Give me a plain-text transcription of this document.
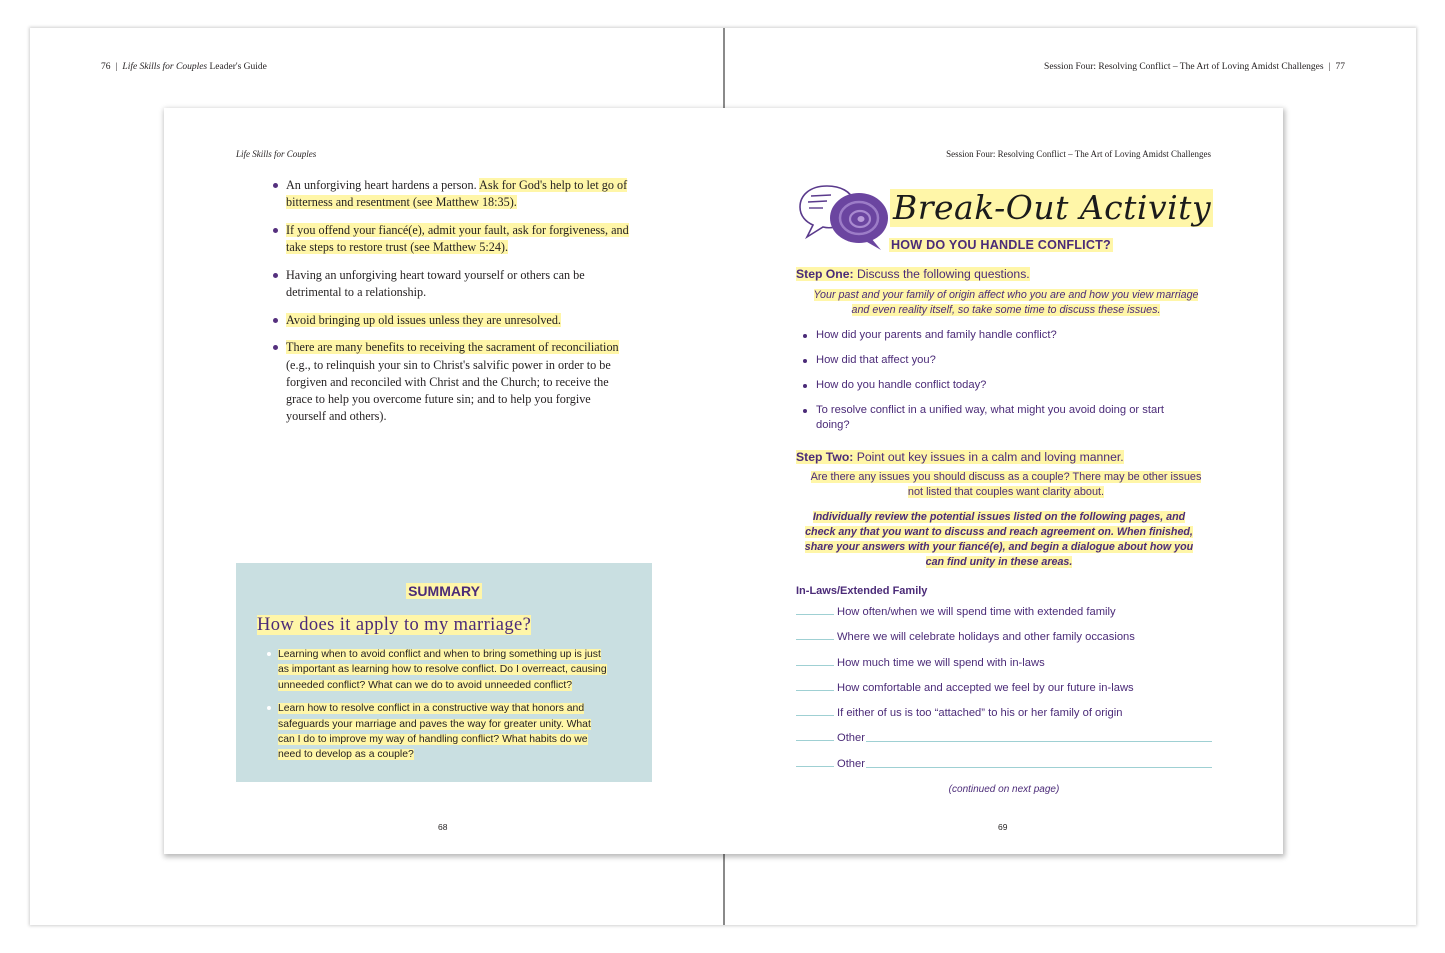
76 | Life Skills for Couples Leader's Guide	Session Four: Resolving Conflict – The Art of Loving Amidst Challenges | 77
Life Skills for Couples
An unforgiving heart hardens a person. Ask for God's help to let go of bitterness and resentment (see Matthew 18:35).
If you offend your fiancé(e), admit your fault, ask for forgiveness, and take steps to restore trust (see Matthew 5:24).
Having an unforgiving heart toward yourself or others can be detrimental to a relationship.
Avoid bringing up old issues unless they are unresolved.
There are many benefits to receiving the sacrament of reconciliation (e.g., to relinquish your sin to Christ's salvific power in order to be forgiven and reconciled with Christ and the Church; to receive the grace to help you overcome future sin; and to help you forgive yourself and others).
SUMMARY
How does it apply to my marriage?
Learning when to avoid conflict and when to bring something up is just as important as learning how to resolve conflict. Do I overreact, causing unneeded conflict? What can we do to avoid unneeded conflict?
Learn how to resolve conflict in a constructive way that honors and safeguards your marriage and paves the way for greater unity. What can I do to improve my way of handling conflict? What habits do we need to develop as a couple?
68
Session Four: Resolving Conflict – The Art of Loving Amidst Challenges
Break-Out Activity
HOW DO YOU HANDLE CONFLICT?
Step One: Discuss the following questions.
Your past and your family of origin affect who you are and how you view marriage and even reality itself, so take some time to discuss these issues.
How did your parents and family handle conflict?
How did that affect you?
How do you handle conflict today?
To resolve conflict in a unified way, what might you avoid doing or start doing?
Step Two: Point out key issues in a calm and loving manner.
Are there any issues you should discuss as a couple? There may be other issues not listed that couples want clarity about.
Individually review the potential issues listed on the following pages, and check any that you want to discuss and reach agreement on. When finished, share your answers with your fiancé(e), and begin a dialogue about how you can find unity in these areas.
In-Laws/Extended Family
How often/when we will spend time with extended family
Where we will celebrate holidays and other family occasions
How much time we will spend with in-laws
How comfortable and accepted we feel by our future in-laws
If either of us is too “attached” to his or her family of origin
Other
Other
(continued on next page)
69
